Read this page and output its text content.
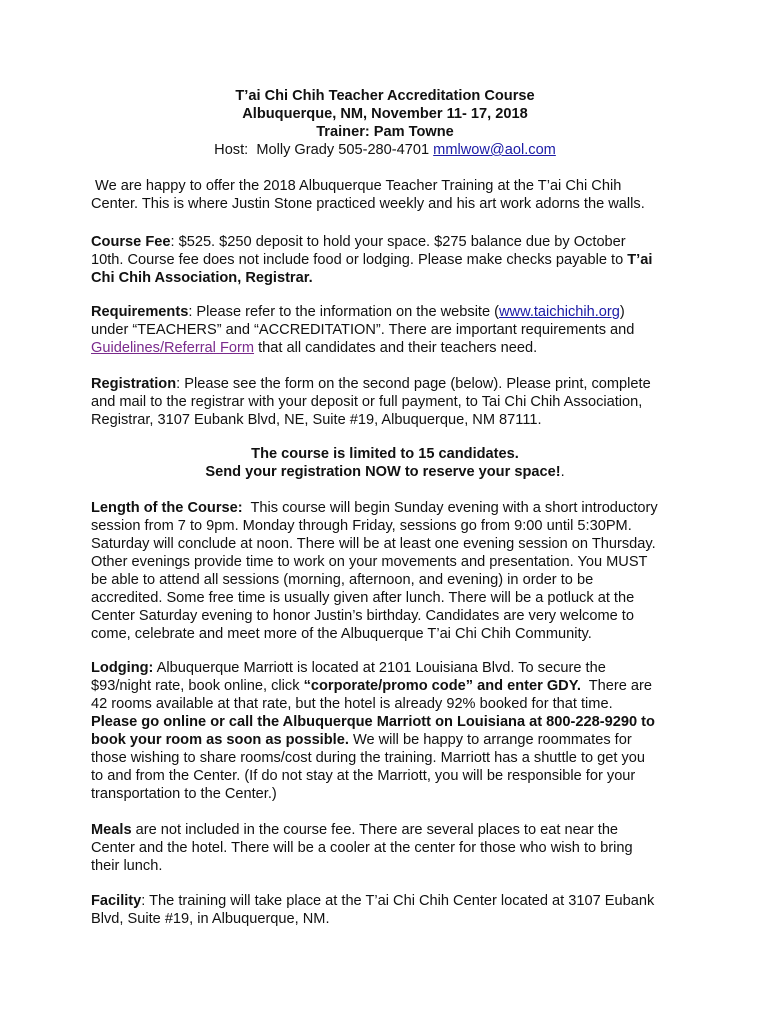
T’ai Chi Chih Teacher Accreditation Course
Albuquerque, NM, November 11- 17, 2018
Trainer: Pam Towne
Host:  Molly Grady 505-280-4701 mmlwow@aol.com
We are happy to offer the 2018 Albuquerque Teacher Training at the T’ai Chi Chih
Center. This is where Justin Stone practiced weekly and his art work adorns the walls.
Course Fee: $525. $250 deposit to hold your space. $275 balance due by October
10th. Course fee does not include food or lodging. Please make checks payable to T’ai
Chi Chih Association, Registrar.
Requirements: Please refer to the information on the website (www.taichichih.org)
under “TEACHERS” and “ACCREDITATION”. There are important requirements and
Guidelines/Referral Form that all candidates and their teachers need.
Registration: Please see the form on the second page (below). Please print, complete
and mail to the registrar with your deposit or full payment, to Tai Chi Chih Association,
Registrar, 3107 Eubank Blvd, NE, Suite #19, Albuquerque, NM 87111.
The course is limited to 15 candidates.
Send your registration NOW to reserve your space!.
Length of the Course:  This course will begin Sunday evening with a short introductory
session from 7 to 9pm. Monday through Friday, sessions go from 9:00 until 5:30PM.
Saturday will conclude at noon. There will be at least one evening session on Thursday.
Other evenings provide time to work on your movements and presentation. You MUST
be able to attend all sessions (morning, afternoon, and evening) in order to be
accredited. Some free time is usually given after lunch. There will be a potluck at the
Center Saturday evening to honor Justin’s birthday. Candidates are very welcome to
come, celebrate and meet more of the Albuquerque T’ai Chi Chih Community.
Lodging: Albuquerque Marriott is located at 2101 Louisiana Blvd. To secure the
$93/night rate, book online, click “corporate/promo code” and enter GDY.  There are
42 rooms available at that rate, but the hotel is already 92% booked for that time.
Please go online or call the Albuquerque Marriott on Louisiana at 800-228-9290 to
book your room as soon as possible. We will be happy to arrange roommates for
those wishing to share rooms/cost during the training. Marriott has a shuttle to get you
to and from the Center. (If do not stay at the Marriott, you will be responsible for your
transportation to the Center.)
Meals are not included in the course fee. There are several places to eat near the
Center and the hotel. There will be a cooler at the center for those who wish to bring
their lunch.
Facility: The training will take place at the T’ai Chi Chih Center located at 3107 Eubank
Blvd, Suite #19, in Albuquerque, NM.
